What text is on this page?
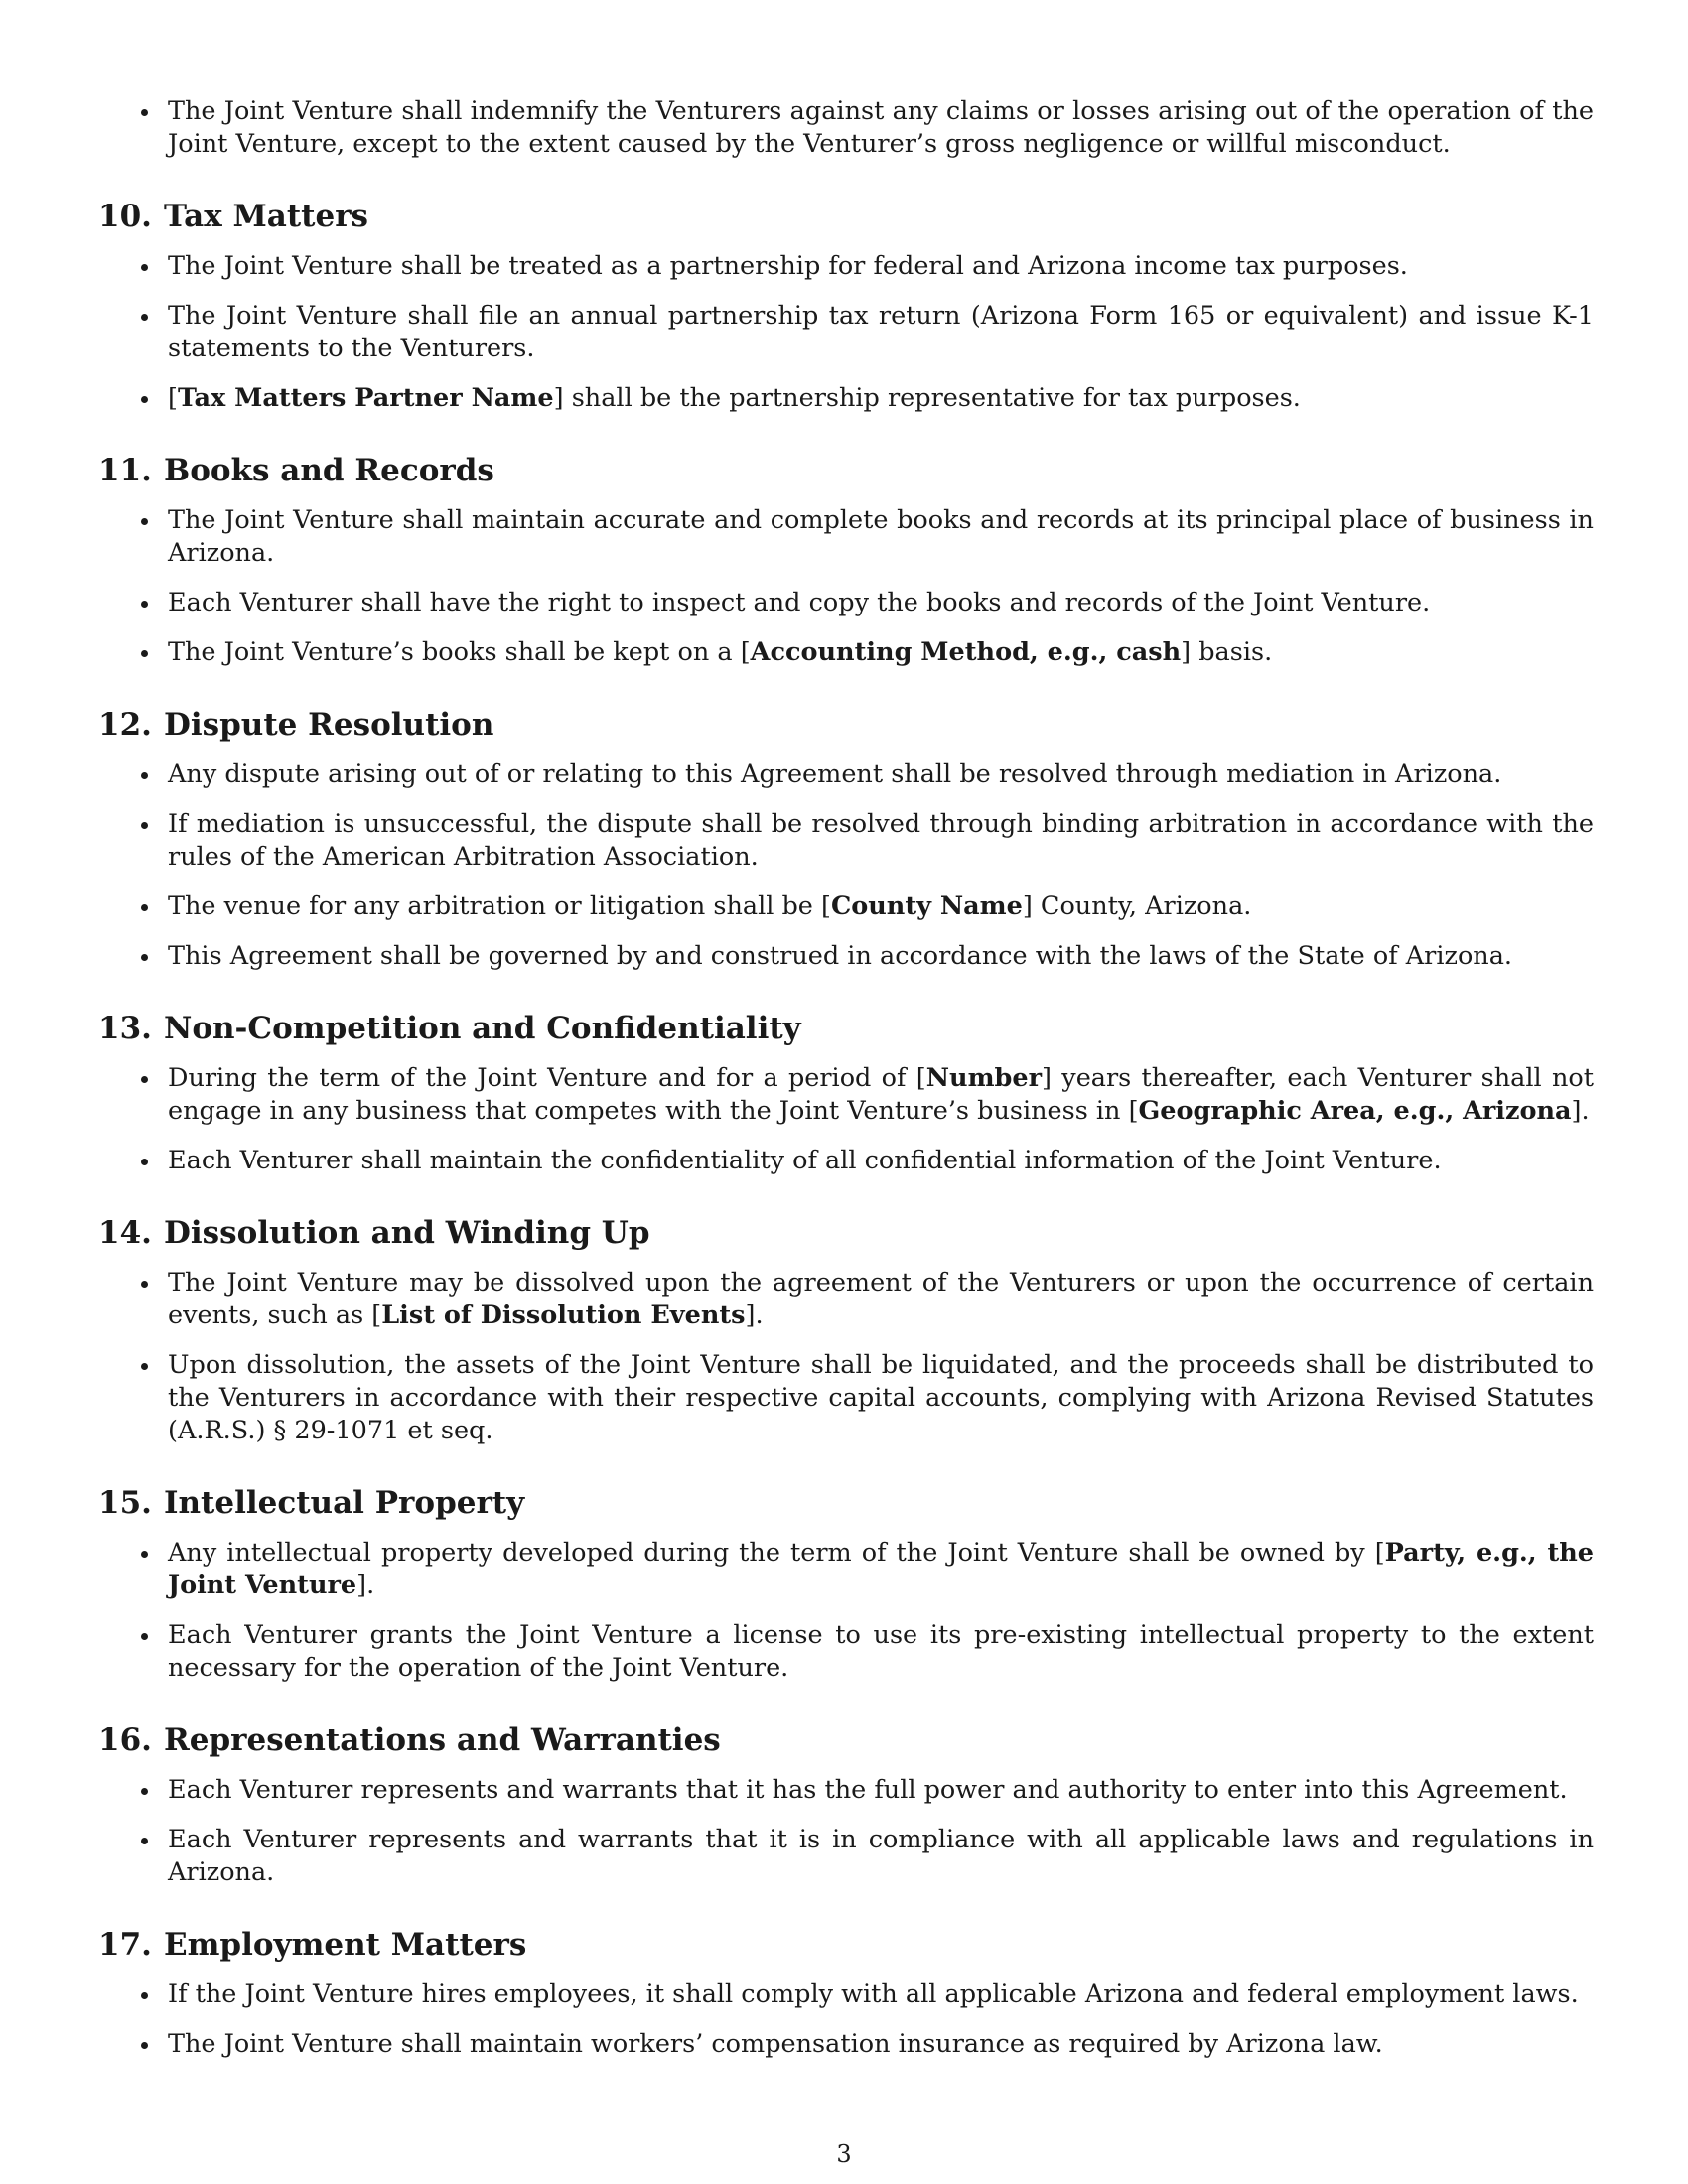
The Joint Venture shall indemnify the Venturers against any claims or losses arising out of the operation of the Joint Venture, except to the extent caused by the Venturer’s gross negligence or willful misconduct.
10. Tax Matters
The Joint Venture shall be treated as a partnership for federal and Arizona income tax purposes.
The Joint Venture shall file an annual partnership tax return (Arizona Form 165 or equivalent) and issue K-1 statements to the Venturers.
[Tax Matters Partner Name] shall be the partnership representative for tax purposes.
11. Books and Records
The Joint Venture shall maintain accurate and complete books and records at its principal place of business in Arizona.
Each Venturer shall have the right to inspect and copy the books and records of the Joint Venture.
The Joint Venture’s books shall be kept on a [Accounting Method, e.g., cash] basis.
12. Dispute Resolution
Any dispute arising out of or relating to this Agreement shall be resolved through mediation in Arizona.
If mediation is unsuccessful, the dispute shall be resolved through binding arbitration in accordance with the rules of the American Arbitration Association.
The venue for any arbitration or litigation shall be [County Name] County, Arizona.
This Agreement shall be governed by and construed in accordance with the laws of the State of Arizona.
13. Non-Competition and Confidentiality
During the term of the Joint Venture and for a period of [Number] years thereafter, each Venturer shall not engage in any business that competes with the Joint Venture’s business in [Geographic Area, e.g., Arizona].
Each Venturer shall maintain the confidentiality of all confidential information of the Joint Venture.
14. Dissolution and Winding Up
The Joint Venture may be dissolved upon the agreement of the Venturers or upon the occurrence of certain events, such as [List of Dissolution Events].
Upon dissolution, the assets of the Joint Venture shall be liquidated, and the proceeds shall be distributed to the Venturers in accordance with their respective capital accounts, complying with Arizona Revised Statutes (A.R.S.) § 29-1071 et seq.
15. Intellectual Property
Any intellectual property developed during the term of the Joint Venture shall be owned by [Party, e.g., the Joint Venture].
Each Venturer grants the Joint Venture a license to use its pre-existing intellectual property to the extent necessary for the operation of the Joint Venture.
16. Representations and Warranties
Each Venturer represents and warrants that it has the full power and authority to enter into this Agreement.
Each Venturer represents and warrants that it is in compliance with all applicable laws and regulations in Arizona.
17. Employment Matters
If the Joint Venture hires employees, it shall comply with all applicable Arizona and federal employment laws.
The Joint Venture shall maintain workers’ compensation insurance as required by Arizona law.
3
